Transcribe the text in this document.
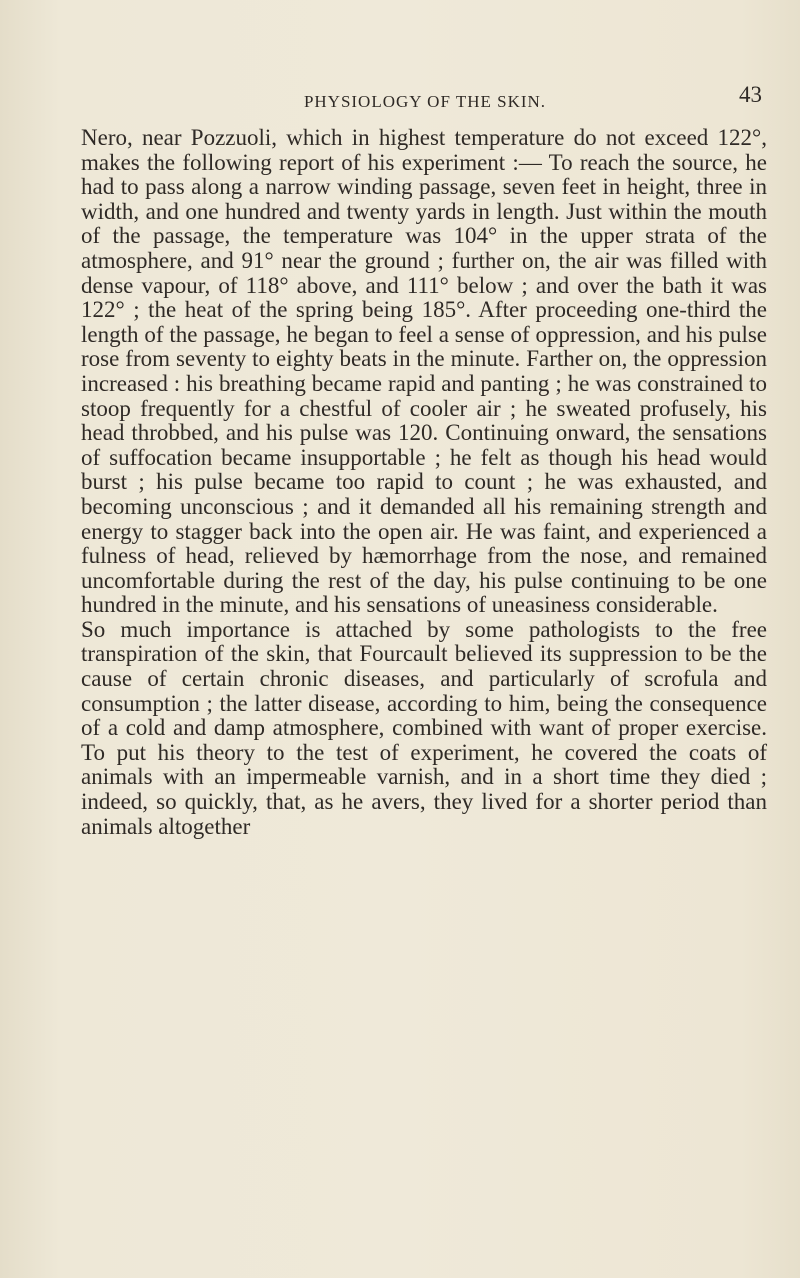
PHYSIOLOGY OF THE SKIN.	43

Nero, near Pozzuoli, which in highest temperature do not exceed 122°, makes the following report of his experiment :— To reach the source, he had to pass along a narrow winding passage, seven feet in height, three in width, and one hundred and twenty yards in length. Just within the mouth of the passage, the temperature was 104° in the upper strata of the atmosphere, and 91° near the ground ; further on, the air was filled with dense vapour, of 118° above, and 111° below ; and over the bath it was 122° ; the heat of the spring being 185°. After proceeding one-third the length of the passage, he began to feel a sense of oppression, and his pulse rose from seventy to eighty beats in the minute. Farther on, the oppression increased : his breathing became rapid and panting ; he was constrained to stoop frequently for a chestful of cooler air ; he sweated profusely, his head throbbed, and his pulse was 120. Continuing onward, the sensations of suffocation became insupportable ; he felt as though his head would burst ; his pulse became too rapid to count ; he was exhausted, and becoming unconscious ; and it demanded all his remaining strength and energy to stagger back into the open air. He was faint, and experienced a fulness of head, relieved by hæmorrhage from the nose, and remained uncomfortable during the rest of the day, his pulse continuing to be one hundred in the minute, and his sensations of uneasiness considerable.

So much importance is attached by some pathologists to the free transpiration of the skin, that Fourcault believed its suppression to be the cause of certain chronic diseases, and particularly of scrofula and consumption ; the latter disease, according to him, being the consequence of a cold and damp atmosphere, combined with want of proper exercise. To put his theory to the test of experiment, he covered the coats of animals with an impermeable varnish, and in a short time they died ; indeed, so quickly, that, as he avers, they lived for a shorter period than animals altogether
